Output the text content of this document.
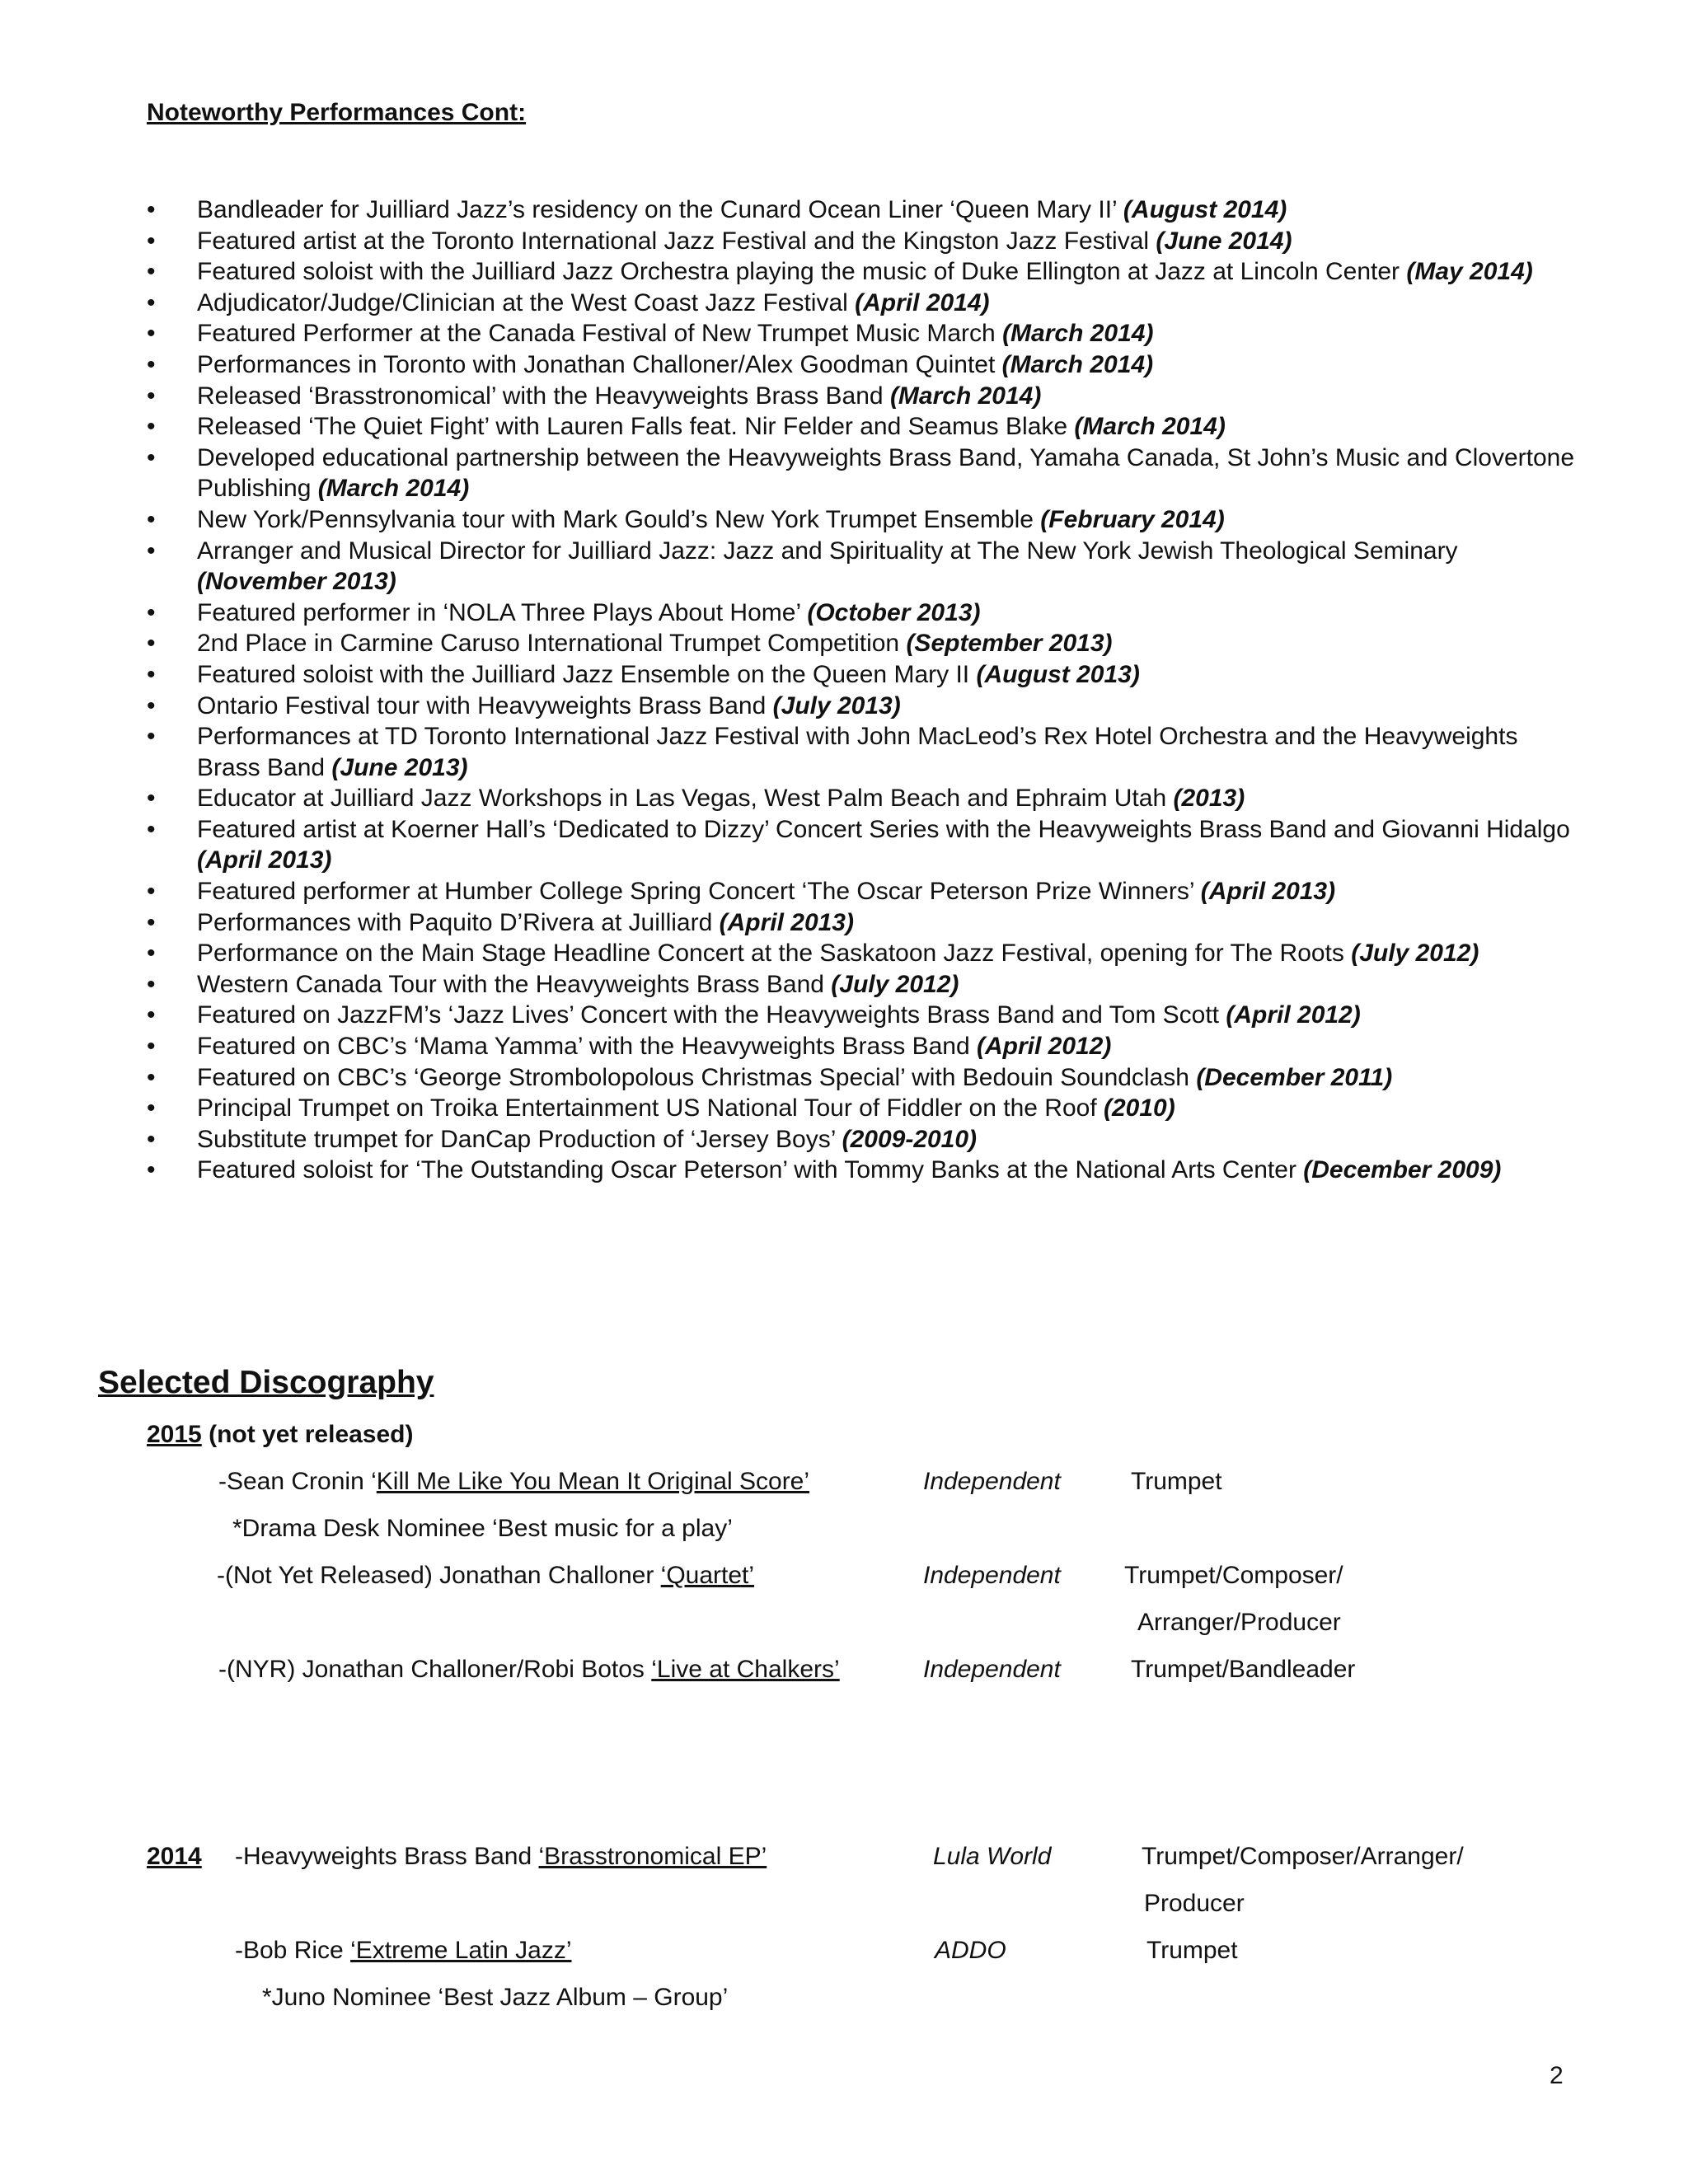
Noteworthy Performances Cont:
• Bandleader for Juilliard Jazz’s residency on the Cunard Ocean Liner ‘Queen Mary II’ (August 2014)
• Featured artist at the Toronto International Jazz Festival and the Kingston Jazz Festival (June 2014)
• Featured soloist with the Juilliard Jazz Orchestra playing the music of Duke Ellington at Jazz at Lincoln Center (May 2014)
• Adjudicator/Judge/Clinician at the West Coast Jazz Festival (April 2014)
• Featured Performer at the Canada Festival of New Trumpet Music March (March 2014)
• Performances in Toronto with Jonathan Challoner/Alex Goodman Quintet (March 2014)
• Released ‘Brasstronomical’ with the Heavyweights Brass Band (March 2014)
• Released ‘The Quiet Fight’ with Lauren Falls feat. Nir Felder and Seamus Blake (March 2014)
• Developed educational partnership between the Heavyweights Brass Band, Yamaha Canada, St John’s Music and Clovertone Publishing (March 2014)
• New York/Pennsylvania tour with Mark Gould’s New York Trumpet Ensemble (February 2014)
• Arranger and Musical Director for Juilliard Jazz: Jazz and Spirituality at The New York Jewish Theological Seminary (November 2013)
• Featured performer in ‘NOLA Three Plays About Home’ (October 2013)
• 2nd Place in Carmine Caruso International Trumpet Competition (September 2013)
• Featured soloist with the Juilliard Jazz Ensemble on the Queen Mary II (August 2013)
• Ontario Festival tour with Heavyweights Brass Band (July 2013)
• Performances at TD Toronto International Jazz Festival with John MacLeod’s Rex Hotel Orchestra and the Heavyweights Brass Band (June 2013)
• Educator at Juilliard Jazz Workshops in Las Vegas, West Palm Beach and Ephraim Utah (2013)
• Featured artist at Koerner Hall’s ‘Dedicated to Dizzy’ Concert Series with the Heavyweights Brass Band and Giovanni Hidalgo (April 2013)
• Featured performer at Humber College Spring Concert ‘The Oscar Peterson Prize Winners’ (April 2013)
• Performances with Paquito D’Rivera at Juilliard (April 2013)
• Performance on the Main Stage Headline Concert at the Saskatoon Jazz Festival, opening for The Roots (July 2012)
• Western Canada Tour with the Heavyweights Brass Band (July 2012)
• Featured on JazzFM’s ‘Jazz Lives’ Concert with the Heavyweights Brass Band and Tom Scott (April 2012)
• Featured on CBC’s ‘Mama Yamma’ with the Heavyweights Brass Band (April 2012)
• Featured on CBC’s ‘George Strombolopolous Christmas Special’ with Bedouin Soundclash (December 2011)
• Principal Trumpet on Troika Entertainment US National Tour of Fiddler on the Roof (2010)
• Substitute trumpet for DanCap Production of ‘Jersey Boys’ (2009-2010)
• Featured soloist for ‘The Outstanding Oscar Peterson’ with Tommy Banks at the National Arts Center (December 2009)
Selected Discography
2015 (not yet released)
-Sean Cronin ‘Kill Me Like You Mean It Original Score’	Independent	Trumpet
*Drama Desk Nominee ‘Best music for a play’
-(Not Yet Released) Jonathan Challoner ‘Quartet’	Independent	Trumpet/Composer/
Arranger/Producer
-(NYR) Jonathan Challoner/Robi Botos ‘Live at Chalkers’	Independent	Trumpet/Bandleader
2014 -Heavyweights Brass Band ‘Brasstronomical EP’	Lula World	Trumpet/Composer/Arranger/
Producer
-Bob Rice ‘Extreme Latin Jazz’	ADDO	Trumpet
*Juno Nominee ‘Best Jazz Album – Group’
2
